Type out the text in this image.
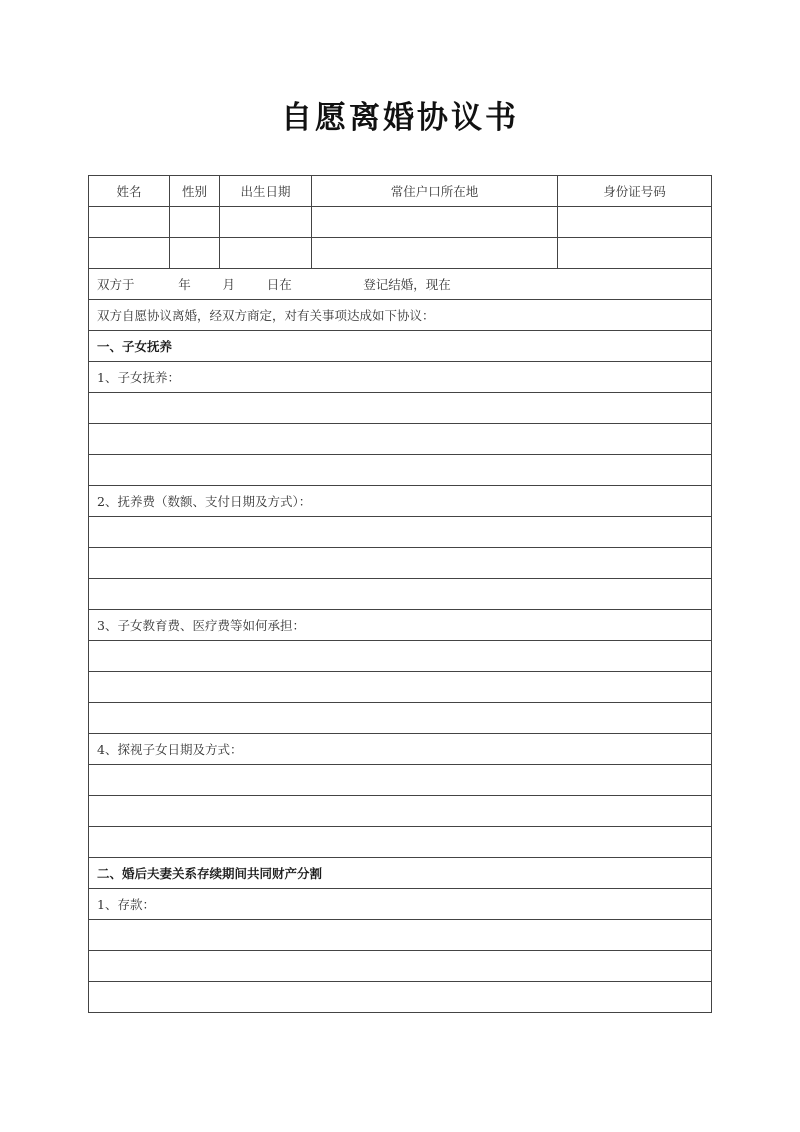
自愿离婚协议书
姓名	性别	出生日期	常住户口所在地	身份证号码
双方于           年        月        日在                  登记结婚，现在
双方自愿协议离婚，经双方商定，对有关事项达成如下协议：
一、子女抚养
1、子女抚养：
2、抚养费（数额、支付日期及方式）：
3、子女教育费、医疗费等如何承担：
4、探视子女日期及方式：
二、婚后夫妻关系存续期间共同财产分割
1、存款：
